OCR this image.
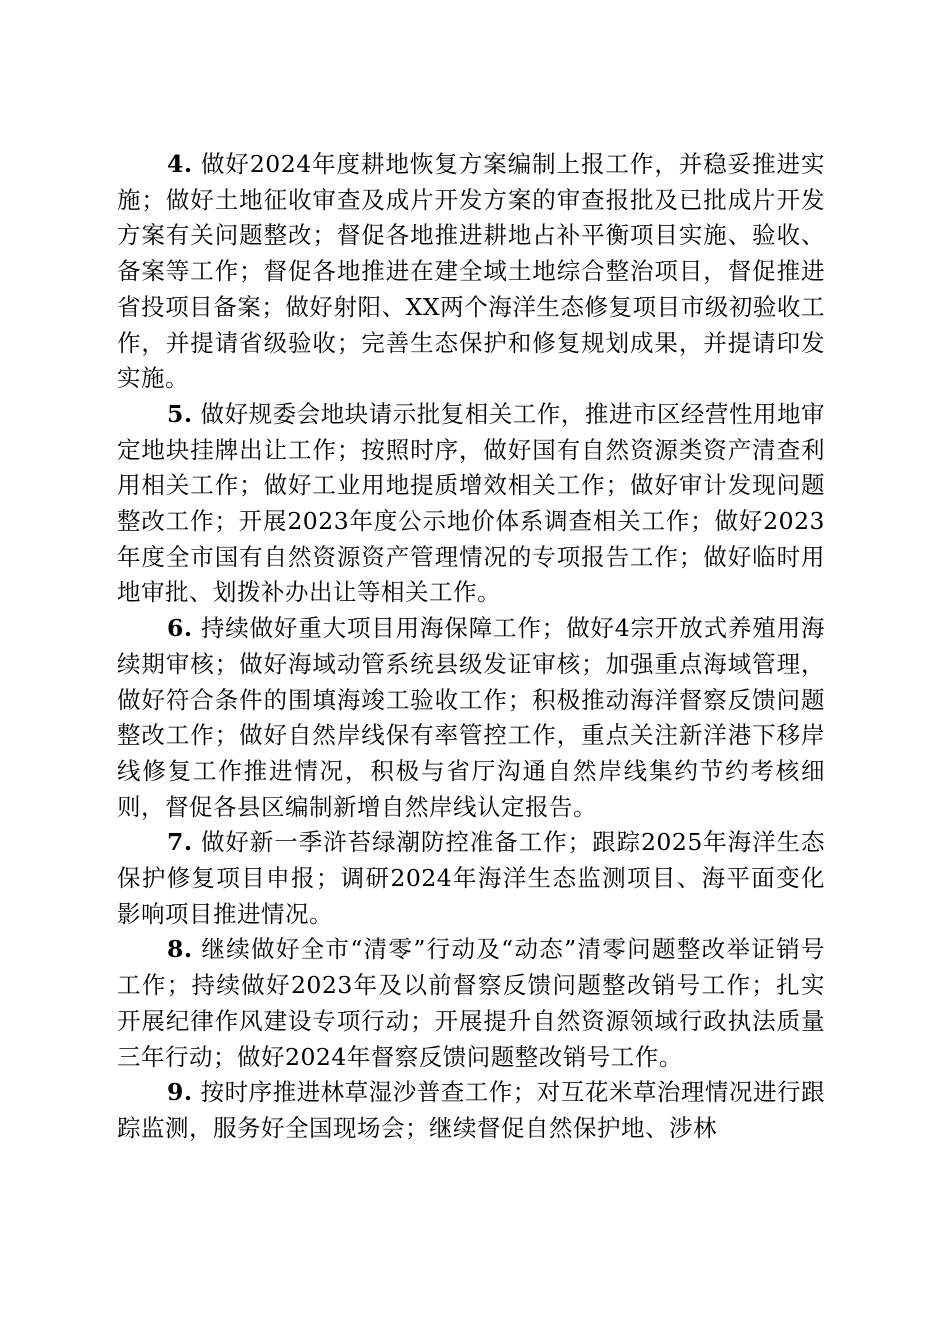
4. 做好2024年度耕地恢复方案编制上报工作，并稳妥推进实施；做好土地征收审查及成片开发方案的审查报批及已批成片开发方案有关问题整改；督促各地推进耕地占补平衡项目实施、验收、备案等工作；督促各地推进在建全域土地综合整治项目，督促推进省投项目备案；做好射阳、XX两个海洋生态修复项目市级初验收工作，并提请省级验收；完善生态保护和修复规划成果，并提请印发实施。

5. 做好规委会地块请示批复相关工作，推进市区经营性用地审定地块挂牌出让工作；按照时序，做好国有自然资源类资产清查利用相关工作；做好工业用地提质增效相关工作；做好审计发现问题整改工作；开展2023年度公示地价体系调查相关工作；做好2023年度全市国有自然资源资产管理情况的专项报告工作；做好临时用地审批、划拨补办出让等相关工作。

6. 持续做好重大项目用海保障工作；做好4宗开放式养殖用海续期审核；做好海域动管系统县级发证审核；加强重点海域管理，做好符合条件的围填海竣工验收工作；积极推动海洋督察反馈问题整改工作；做好自然岸线保有率管控工作，重点关注新洋港下移岸线修复工作推进情况，积极与省厅沟通自然岸线集约节约考核细则，督促各县区编制新增自然岸线认定报告。

7. 做好新一季浒苔绿潮防控准备工作；跟踪2025年海洋生态保护修复项目申报；调研2024年海洋生态监测项目、海平面变化影响项目推进情况。

8. 继续做好全市“清零”行动及“动态”清零问题整改举证销号工作；持续做好2023年及以前督察反馈问题整改销号工作；扎实开展纪律作风建设专项行动；开展提升自然资源领域行政执法质量三年行动；做好2024年督察反馈问题整改销号工作。

9. 按时序推进林草湿沙普查工作；对互花米草治理情况进行跟踪监测，服务好全国现场会；继续督促自然保护地、涉林
